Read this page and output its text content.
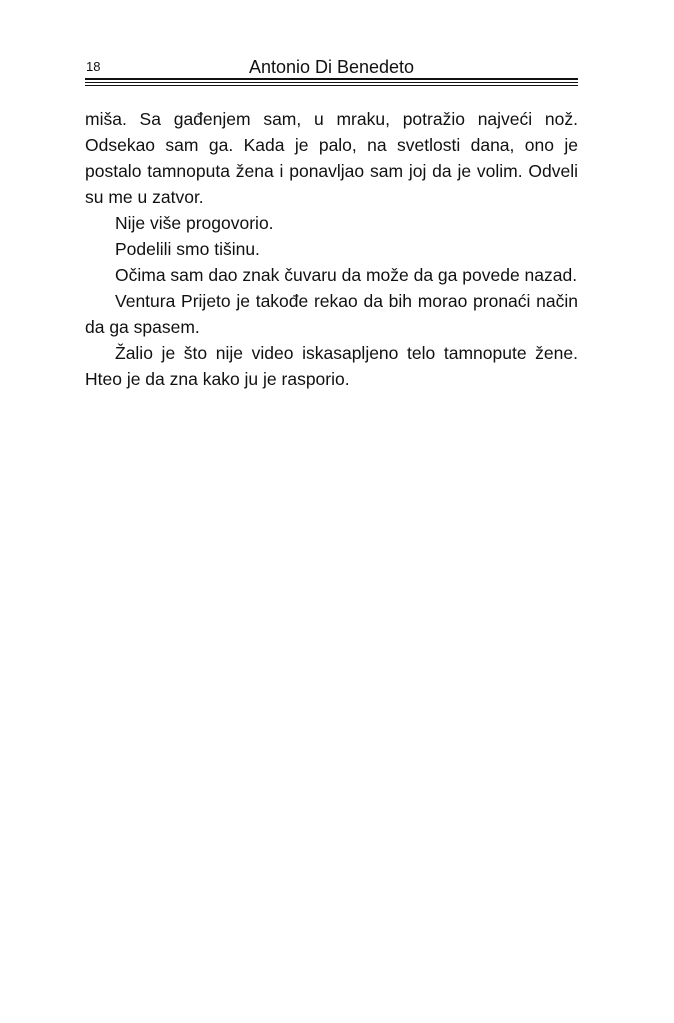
18	Antonio Di Benedeto

miša. Sa gađenjem sam, u mraku, potražio najveći nož. Odsekao sam ga. Kada je palo, na svetlosti dana, ono je postalo tamnoputa žena i ponavljao sam joj da je volim. Odveli su me u zatvor.

Nije više progovorio.

Podelili smo tišinu.

Očima sam dao znak čuvaru da može da ga povede nazad.

Ventura Prijeto je takođe rekao da bih morao pronaći način da ga spasem.

Žalio je što nije video iskasapljeno telo tamnopute žene. Hteo je da zna kako ju je rasporio.
